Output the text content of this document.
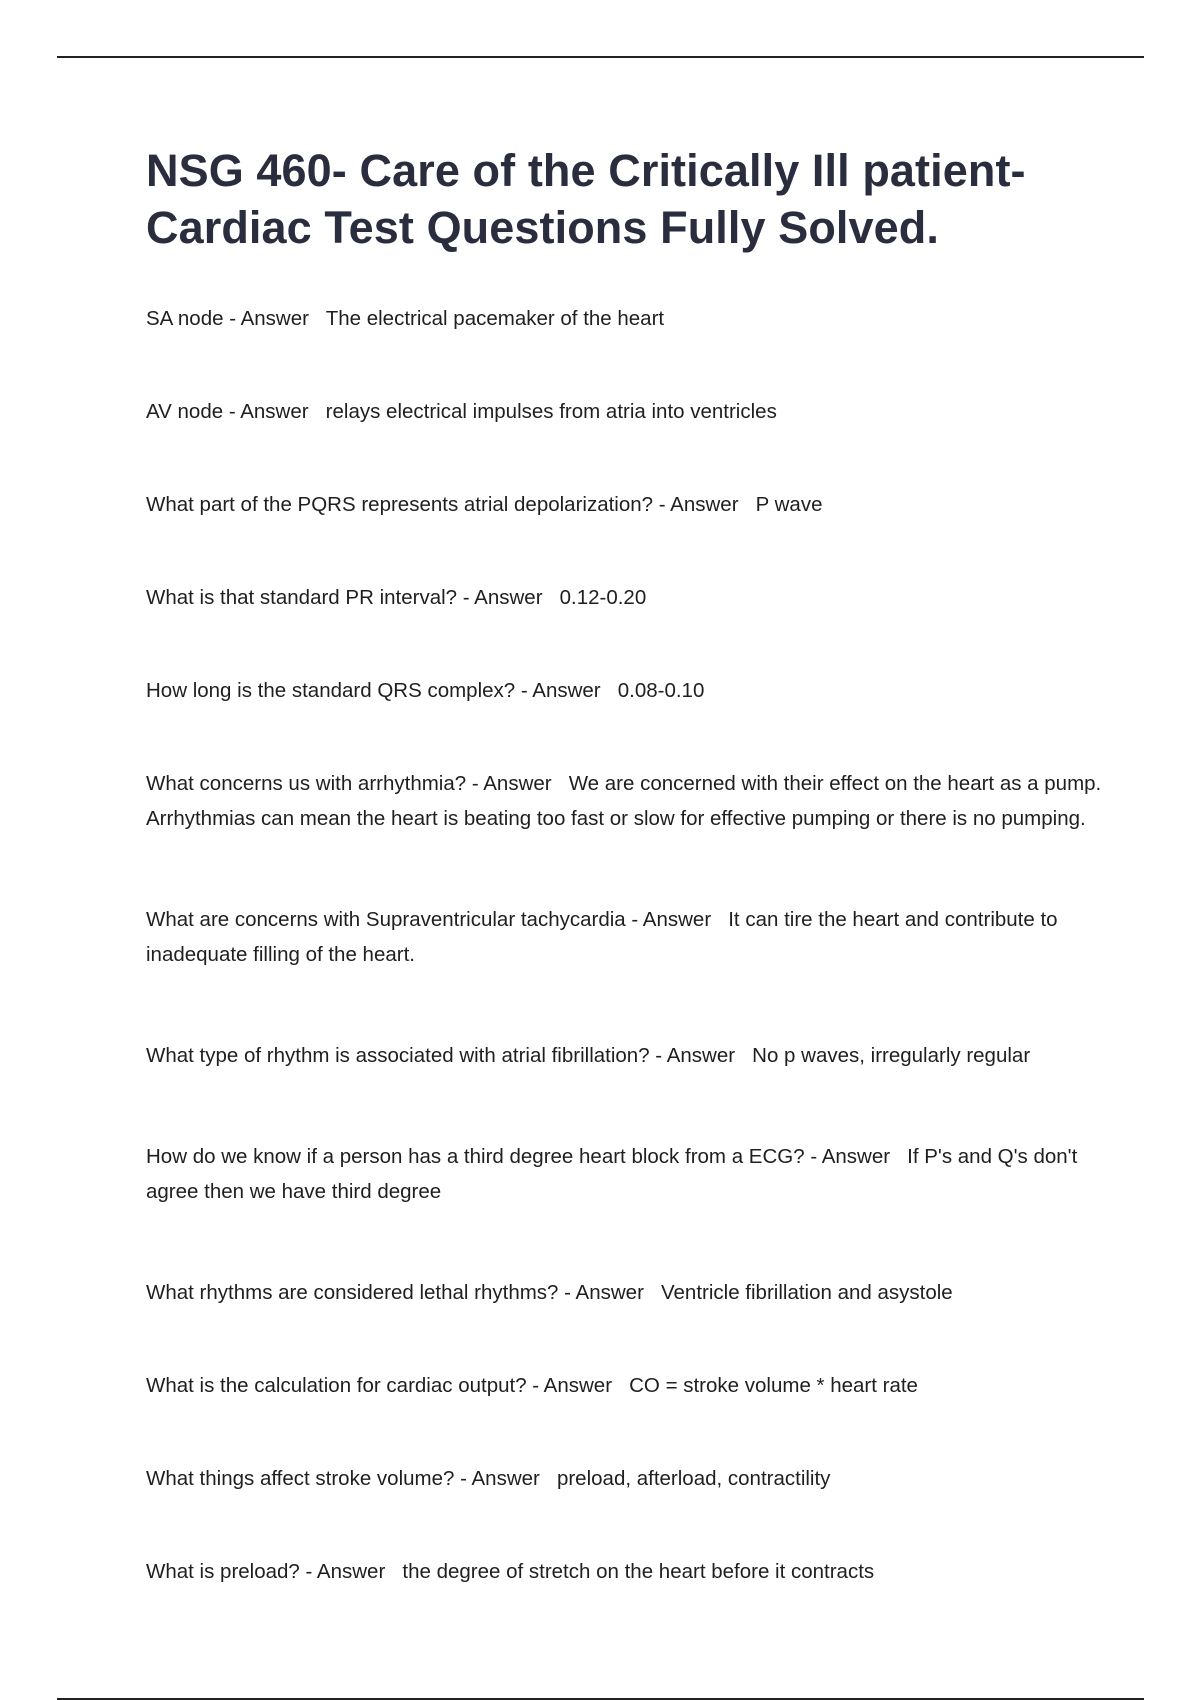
NSG 460- Care of the Critically Ill patient- Cardiac Test Questions Fully Solved.

SA node - Answer   The electrical pacemaker of the heart

AV node - Answer   relays electrical impulses from atria into ventricles

What part of the PQRS represents atrial depolarization? - Answer   P wave

What is that standard PR interval? - Answer   0.12-0.20

How long is the standard QRS complex? - Answer   0.08-0.10

What concerns us with arrhythmia? - Answer   We are concerned with their effect on the heart as a pump. Arrhythmias can mean the heart is beating too fast or slow for effective pumping or there is no pumping.

What are concerns with Supraventricular tachycardia - Answer   It can tire the heart and contribute to inadequate filling of the heart.

What type of rhythm is associated with atrial fibrillation? - Answer   No p waves, irregularly regular

How do we know if a person has a third degree heart block from a ECG? - Answer   If P's and Q's don't agree then we have third degree

What rhythms are considered lethal rhythms? - Answer   Ventricle fibrillation and asystole

What is the calculation for cardiac output? - Answer   CO = stroke volume * heart rate

What things affect stroke volume? - Answer   preload, afterload, contractility

What is preload? - Answer   the degree of stretch on the heart before it contracts
